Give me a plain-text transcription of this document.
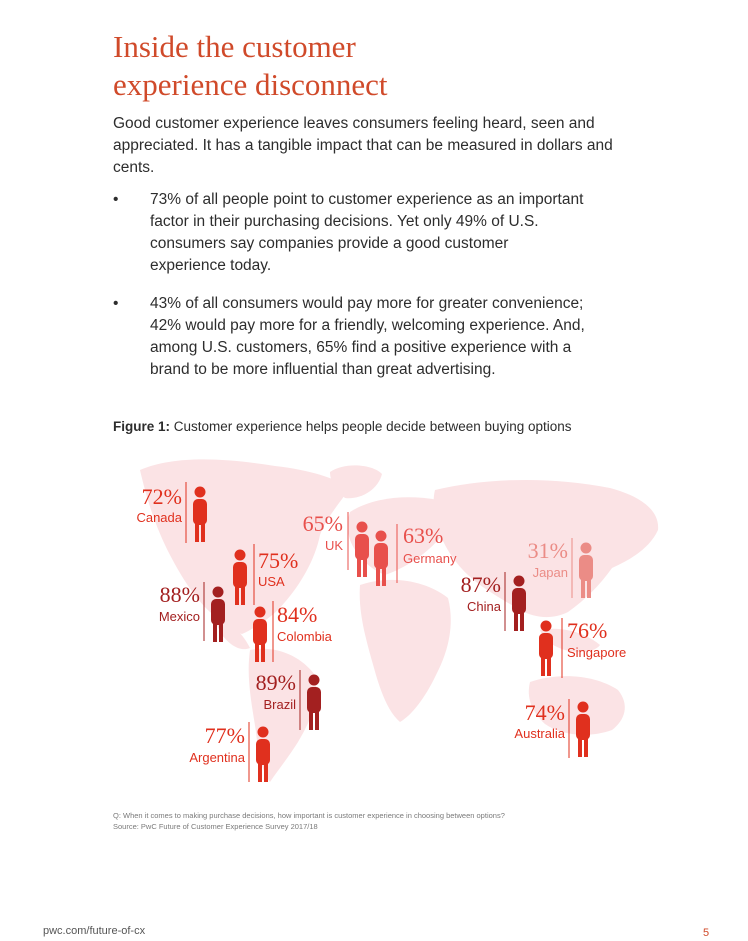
Inside the customer
experience disconnect

Good customer experience leaves consumers feeling heard, seen and appreciated. It has a tangible impact that can be measured in dollars and cents.

• 73% of all people point to customer experience as an important
factor in their purchasing decisions. Yet only 49% of U.S.
consumers say companies provide a good customer
experience today.
• 43% of all consumers would pay more for greater convenience;
42% would pay more for a friendly, welcoming experience. And,
among U.S. customers, 65% find a positive experience with a
brand to be more influential than great advertising.

Figure 1: Customer experience helps people decide between buying options

72%
Canada
75%
USA
88%
Mexico	84%
Colombia
89%
Brazil
77%
Argentina
65%
UK	63%
Germany
87%
China
31%
Japan
76%
Singapore
74%
Australia

Q: When it comes to making purchase decisions, how important is customer experience in choosing between options?
Source: PwC Future of Customer Experience Survey 2017/18

pwc.com/future-of-cx	5
